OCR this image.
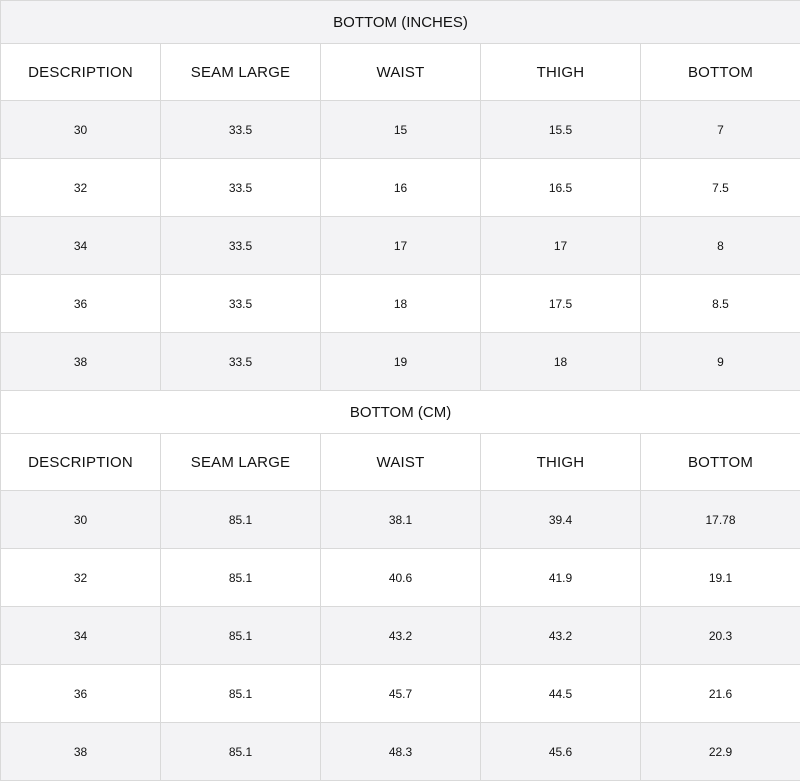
BOTTOM (INCHES)				
DESCRIPTION	SEAM LARGE	WAIST	THIGH	BOTTOM
30	33.5	15	15.5	7
32	33.5	16	16.5	7.5
34	33.5	17	17	8
36	33.5	18	17.5	8.5
38	33.5	19	18	9
BOTTOM (CM)				
DESCRIPTION	SEAM LARGE	WAIST	THIGH	BOTTOM
30	85.1	38.1	39.4	17.78
32	85.1	40.6	41.9	19.1
34	85.1	43.2	43.2	20.3
36	85.1	45.7	44.5	21.6
38	85.1	48.3	45.6	22.9
